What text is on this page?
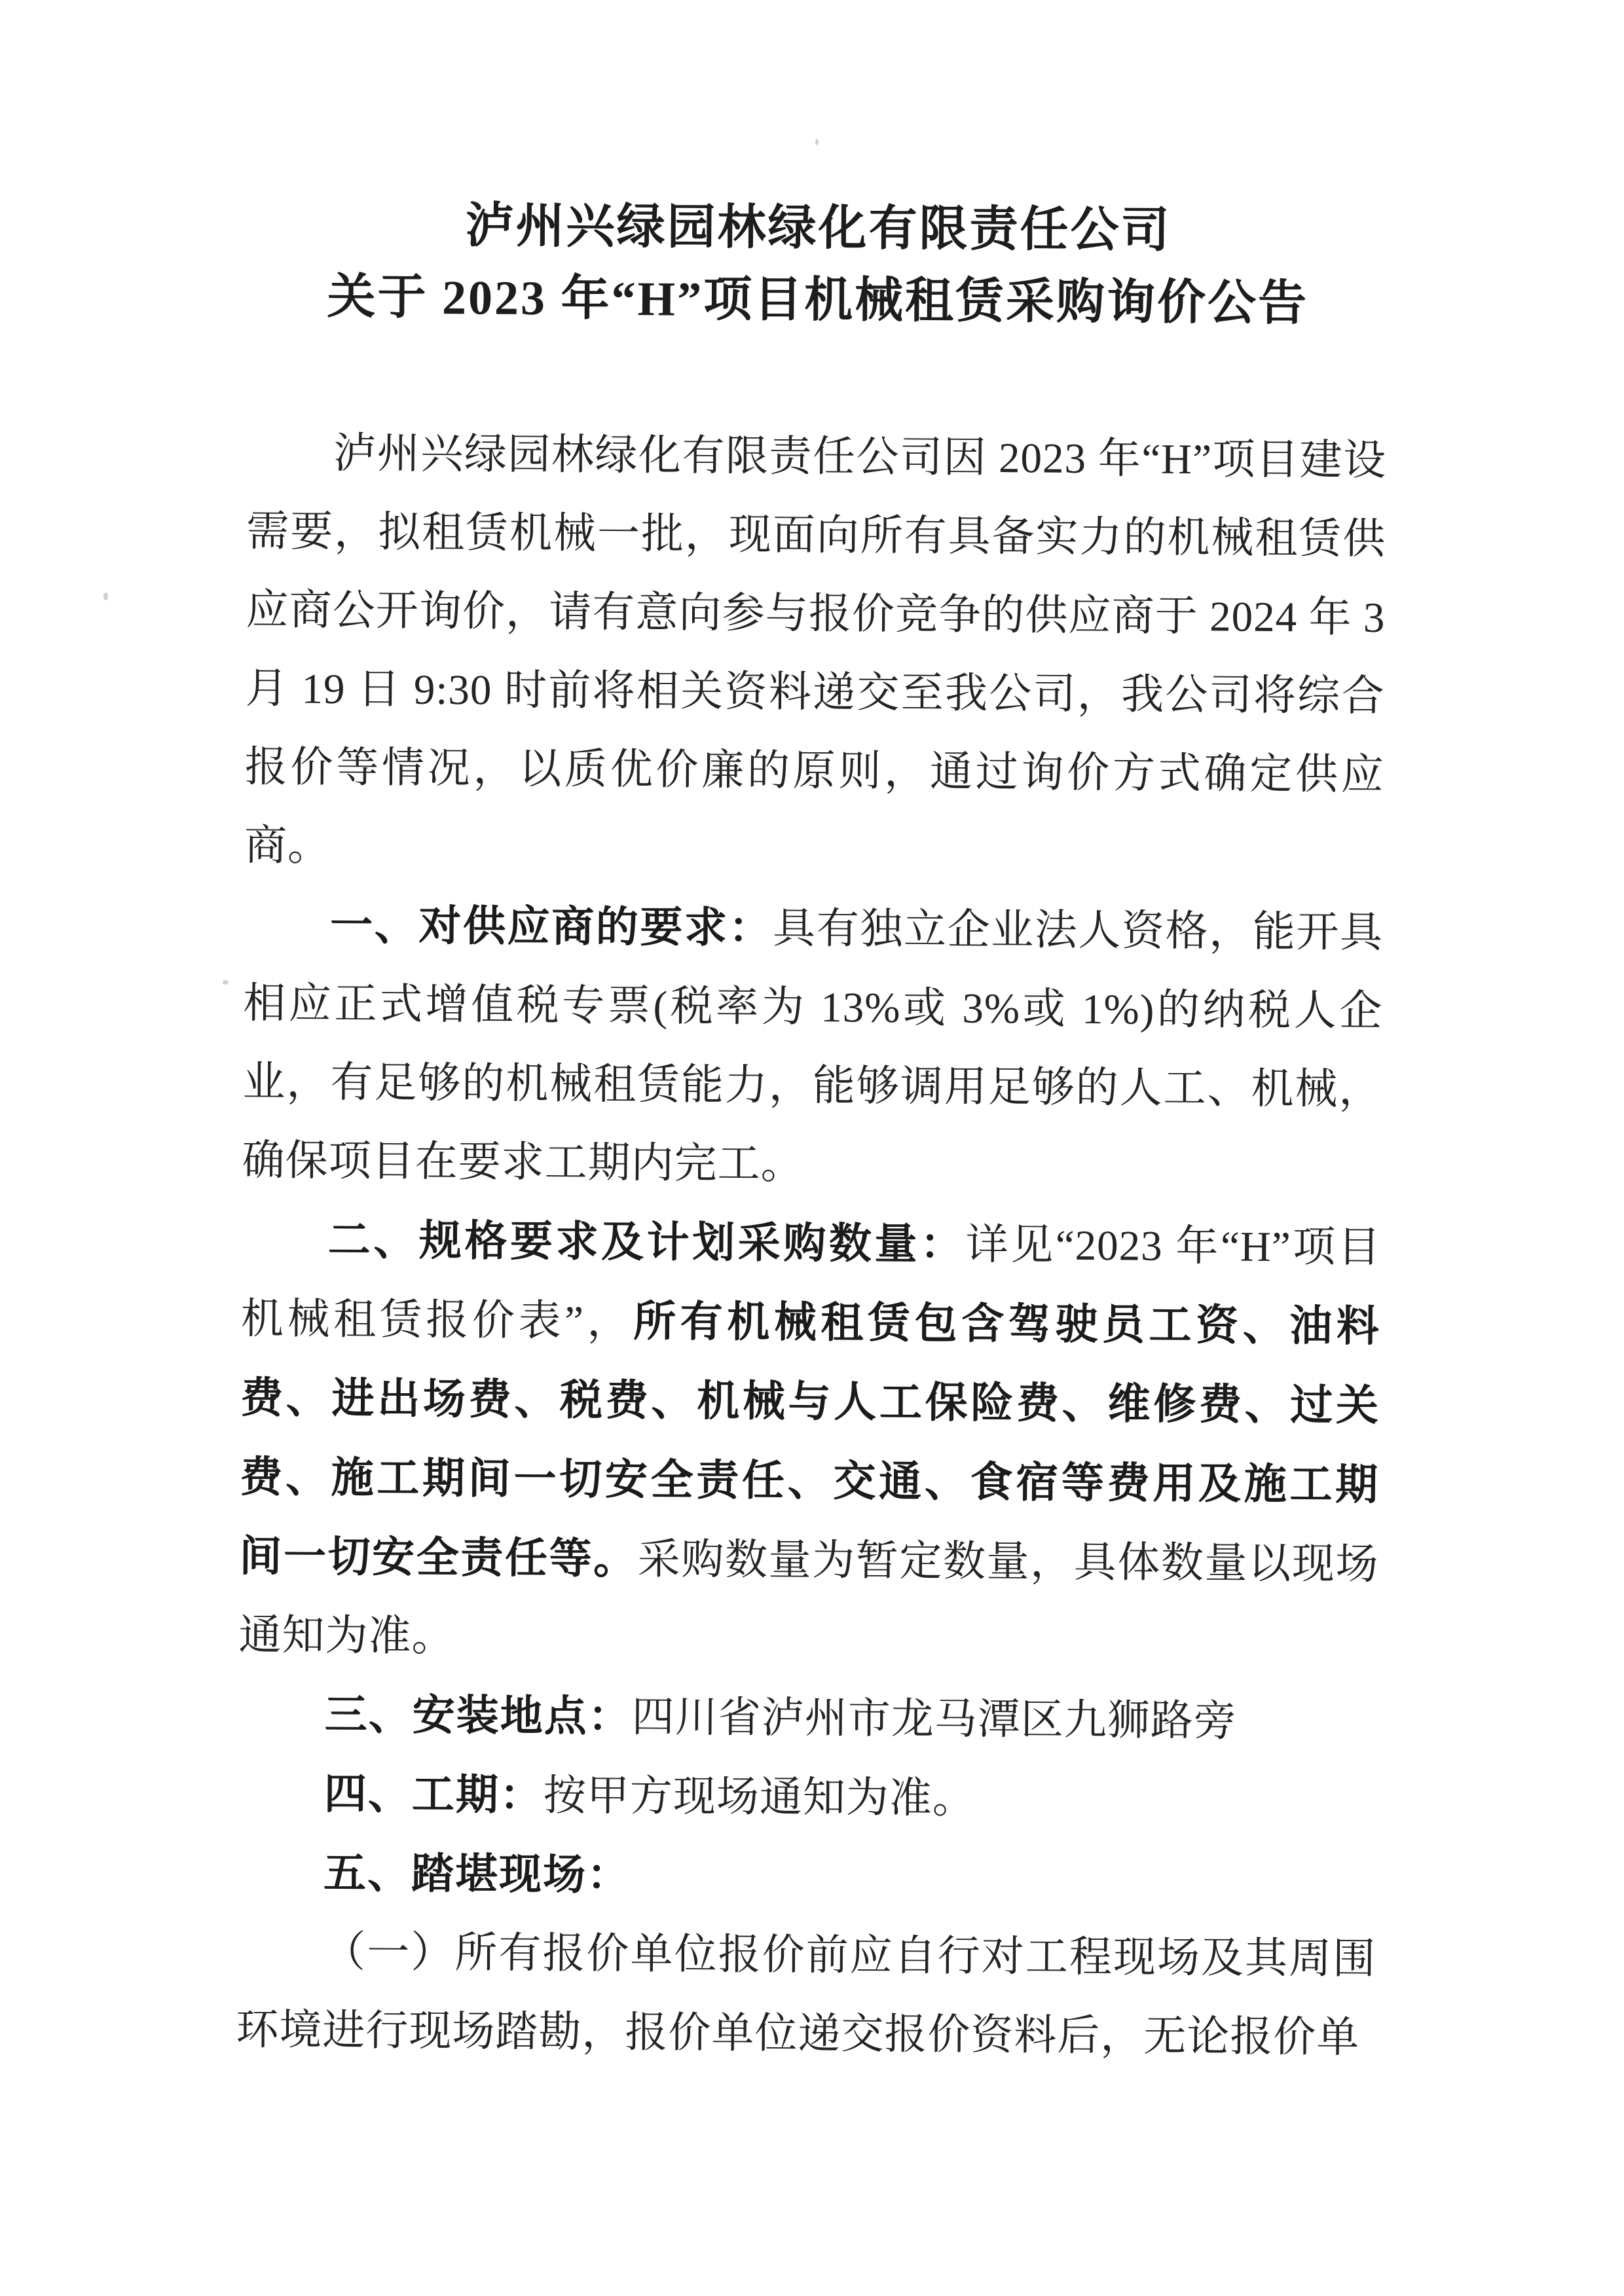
泸州兴绿园林绿化有限责任公司
关于 2023 年“H”项目机械租赁采购询价公告

泸州兴绿园林绿化有限责任公司因 2023 年“H”项目建设需要，拟租赁机械一批，现面向所有具备实力的机械租赁供应商公开询价，请有意向参与报价竞争的供应商于 2024 年 3 月 19 日 9:30 时前将相关资料递交至我公司，我公司将综合报价等情况，以质优价廉的原则，通过询价方式确定供应商。

一、对供应商的要求：具有独立企业法人资格，能开具相应正式增值税专票(税率为 13%或 3%或 1%)的纳税人企业，有足够的机械租赁能力，能够调用足够的人工、机械，确保项目在要求工期内完工。

二、规格要求及计划采购数量：详见“2023 年“H”项目机械租赁报价表”，所有机械租赁包含驾驶员工资、油料费、进出场费、税费、机械与人工保险费、维修费、过关费、施工期间一切安全责任、交通、食宿等费用及施工期间一切安全责任等。采购数量为暂定数量，具体数量以现场通知为准。

三、安装地点：四川省泸州市龙马潭区九狮路旁

四、工期：按甲方现场通知为准。

五、踏堪现场：

（一）所有报价单位报价前应自行对工程现场及其周围环境进行现场踏勘，报价单位递交报价资料后，无论报价单
